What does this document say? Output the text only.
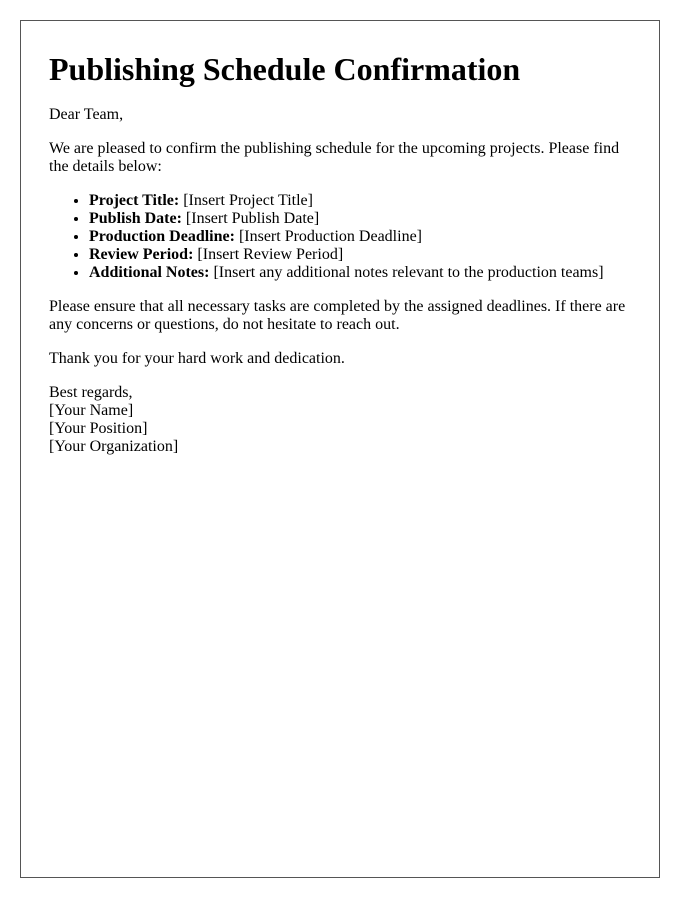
Publishing Schedule Confirmation

Dear Team,

We are pleased to confirm the publishing schedule for the upcoming projects. Please find the details below:

• Project Title: [Insert Project Title]
• Publish Date: [Insert Publish Date]
• Production Deadline: [Insert Production Deadline]
• Review Period: [Insert Review Period]
• Additional Notes: [Insert any additional notes relevant to the production teams]

Please ensure that all necessary tasks are completed by the assigned deadlines. If there are any concerns or questions, do not hesitate to reach out.

Thank you for your hard work and dedication.

Best regards,
[Your Name]
[Your Position]
[Your Organization]
